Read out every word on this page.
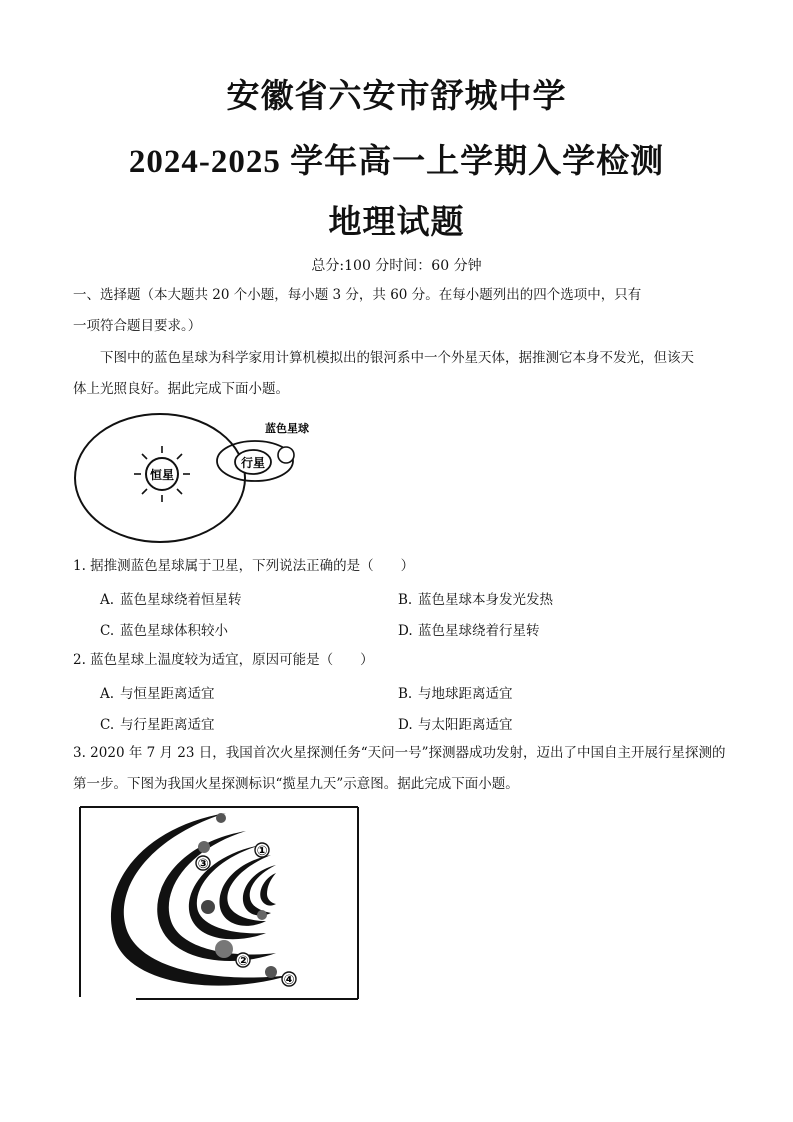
安徽省六安市舒城中学
2024-2025 学年高一上学期入学检测
地理试题
总分:100 分时间：60 分钟
一、选择题（本大题共 20 个小题，每小题 3 分，共 60 分。在每小题列出的四个选项中，只有
一项符合题目要求。）
下图中的蓝色星球为科学家用计算机模拟出的银河系中一个外星天体，据推测它本身不发光，但该天
体上光照良好。据此完成下面小题。
恒星
行星
蓝色星球
1. 据推测蓝色星球属于卫星，下列说法正确的是（　　）
A. 蓝色星球绕着恒星转	B. 蓝色星球本身发光发热
C. 蓝色星球体积较小	D. 蓝色星球绕着行星转
2. 蓝色星球上温度较为适宜，原因可能是（　　）
A. 与恒星距离适宜	B. 与地球距离适宜
C. 与行星距离适宜	D. 与太阳距离适宜
3. 2020 年 7 月 23 日，我国首次火星探测任务“天问一号”探测器成功发射，迈出了中国自主开展行星探测的
第一步。下图为我国火星探测标识“揽星九天”示意图。据此完成下面小题。
①
②
③
④
